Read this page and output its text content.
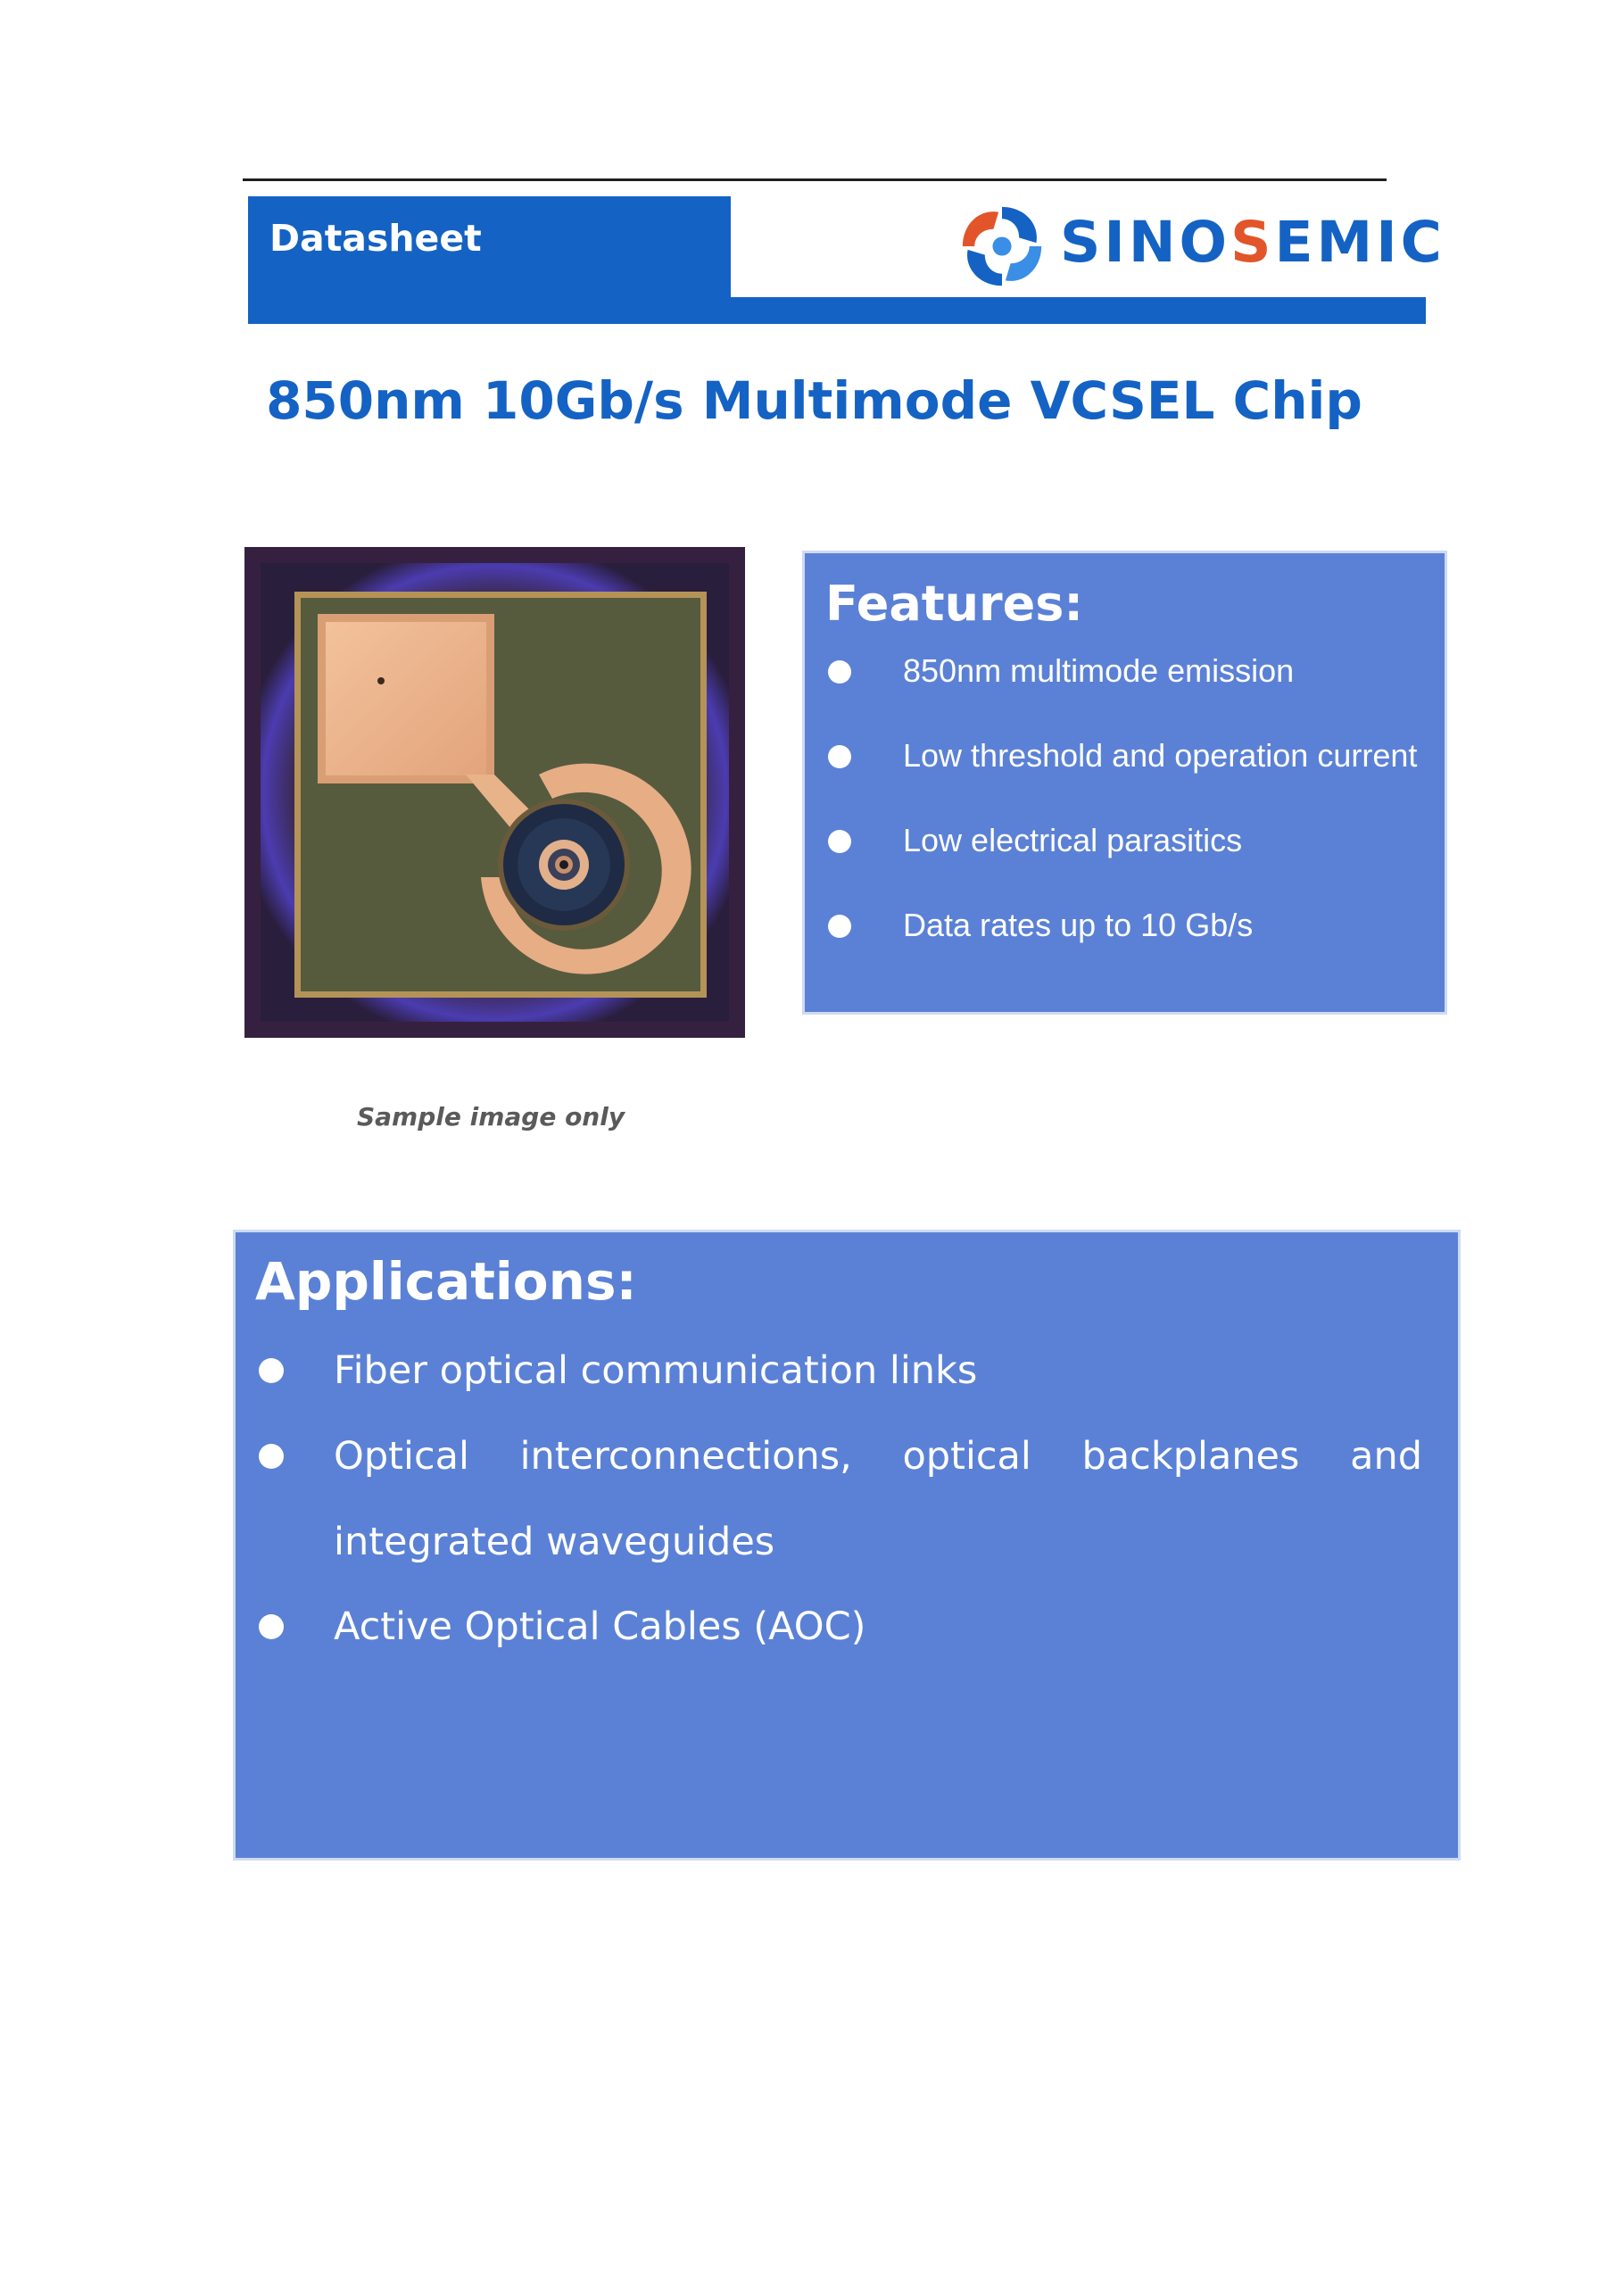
Datasheet	SINOSEMIC
850nm 10Gb/s Multimode VCSEL Chip
Sample image only
Features:
850nm multimode emission
Low threshold and operation current
Low electrical parasitics
Data rates up to 10 Gb/s
Applications:
Fiber optical communication links
Optical interconnections, optical backplanes and integrated waveguides
Active Optical Cables (AOC)
